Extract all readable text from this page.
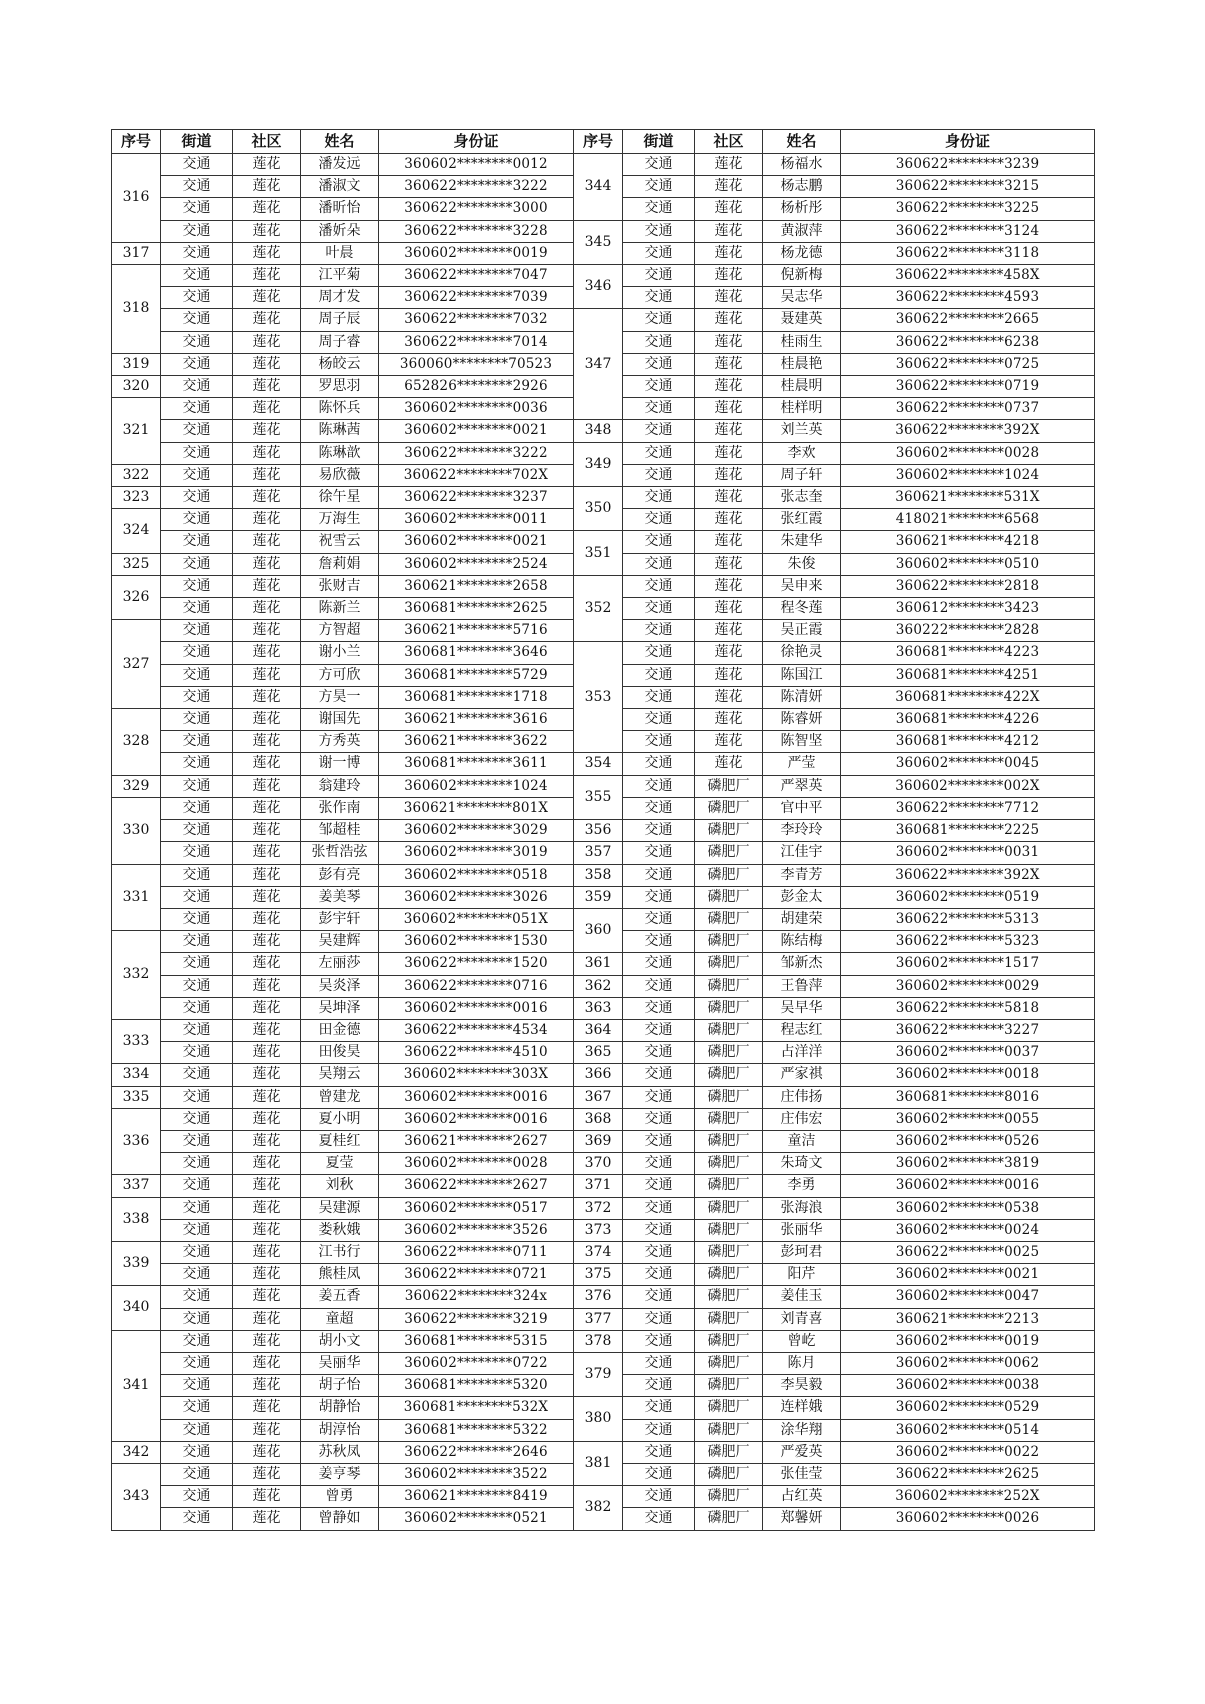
序号	街道	社区	姓名	身份证	序号	街道	社区	姓名	身份证
316	交通	莲花	潘发远	360602********0012	344	交通	莲花	杨福水	360622********3239
	交通	莲花	潘淑文	360622********3222		交通	莲花	杨志鹏	360622********3215
	交通	莲花	潘昕怡	360622********3000		交通	莲花	杨析彤	360622********3225
	交通	莲花	潘妡朵	360622********3228	345	交通	莲花	黄淑萍	360622********3124
317	交通	莲花	叶晨	360602********0019		交通	莲花	杨龙德	360622********3118
318	交通	莲花	江平菊	360622********7047	346	交通	莲花	倪新梅	360622********458X
	交通	莲花	周才发	360622********7039		交通	莲花	吴志华	360622********4593
	交通	莲花	周子辰	360622********7032	347	交通	莲花	聂建英	360622********2665
	交通	莲花	周子睿	360622********7014		交通	莲花	桂雨生	360622********6238
319	交通	莲花	杨皎云	360060********70523		交通	莲花	桂晨艳	360622********0725
320	交通	莲花	罗思羽	652826********2926		交通	莲花	桂晨明	360622********0719
321	交通	莲花	陈怀兵	360602********0036		交通	莲花	桂样明	360622********0737
	交通	莲花	陈琳茜	360602********0021	348	交通	莲花	刘兰英	360622********392X
	交通	莲花	陈琳歆	360622********3222	349	交通	莲花	李欢	360602********0028
322	交通	莲花	易欣薇	360622********702X		交通	莲花	周子轩	360602********1024
323	交通	莲花	徐午星	360622********3237	350	交通	莲花	张志奎	360621********531X
324	交通	莲花	万海生	360602********0011		交通	莲花	张红霞	418021********6568
	交通	莲花	祝雪云	360602********0021	351	交通	莲花	朱建华	360621********4218
325	交通	莲花	詹莉娟	360602********2524		交通	莲花	朱俊	360602********0510
326	交通	莲花	张财吉	360621********2658	352	交通	莲花	吴申来	360622********2818
	交通	莲花	陈新兰	360681********2625		交通	莲花	程冬莲	360612********3423
327	交通	莲花	方智超	360621********5716		交通	莲花	吴正霞	360222********2828
	交通	莲花	谢小兰	360681********3646	353	交通	莲花	徐艳灵	360681********4223
	交通	莲花	方可欣	360681********5729		交通	莲花	陈国江	360681********4251
	交通	莲花	方昊一	360681********1718		交通	莲花	陈清妍	360681********422X
328	交通	莲花	谢国先	360621********3616		交通	莲花	陈睿妍	360681********4226
	交通	莲花	方秀英	360621********3622		交通	莲花	陈智坚	360681********4212
	交通	莲花	谢一博	360681********3611	354	交通	莲花	严莹	360602********0045
329	交通	莲花	翁建玲	360602********1024	355	交通	磷肥厂	严翠英	360602********002X
330	交通	莲花	张作南	360621********801X		交通	磷肥厂	官中平	360622********7712
	交通	莲花	邹超桂	360602********3029	356	交通	磷肥厂	李玲玲	360681********2225
	交通	莲花	张哲浩弦	360602********3019	357	交通	磷肥厂	江佳宇	360602********0031
331	交通	莲花	彭有亮	360602********0518	358	交通	磷肥厂	李青芳	360622********392X
	交通	莲花	姜美琴	360602********3026	359	交通	磷肥厂	彭金太	360602********0519
	交通	莲花	彭宇轩	360602********051X	360	交通	磷肥厂	胡建荣	360622********5313
332	交通	莲花	吴建辉	360602********1530		交通	磷肥厂	陈结梅	360622********5323
	交通	莲花	左丽莎	360622********1520	361	交通	磷肥厂	邹新杰	360602********1517
	交通	莲花	吴炎泽	360622********0716	362	交通	磷肥厂	王鲁萍	360602********0029
	交通	莲花	吴坤泽	360602********0016	363	交通	磷肥厂	吴早华	360622********5818
333	交通	莲花	田金德	360622********4534	364	交通	磷肥厂	程志红	360622********3227
	交通	莲花	田俊昊	360622********4510	365	交通	磷肥厂	占洋洋	360602********0037
334	交通	莲花	吴翔云	360602********303X	366	交通	磷肥厂	严家祺	360602********0018
335	交通	莲花	曾建龙	360602********0016	367	交通	磷肥厂	庄伟扬	360681********8016
336	交通	莲花	夏小明	360602********0016	368	交通	磷肥厂	庄伟宏	360602********0055
	交通	莲花	夏桂红	360621********2627	369	交通	磷肥厂	童洁	360602********0526
	交通	莲花	夏莹	360602********0028	370	交通	磷肥厂	朱琦文	360602********3819
337	交通	莲花	刘秋	360622********2627	371	交通	磷肥厂	李勇	360602********0016
338	交通	莲花	吴建源	360602********0517	372	交通	磷肥厂	张海浪	360602********0538
	交通	莲花	娄秋娥	360602********3526	373	交通	磷肥厂	张丽华	360602********0024
339	交通	莲花	江书行	360622********0711	374	交通	磷肥厂	彭珂君	360622********0025
	交通	莲花	熊桂凤	360622********0721	375	交通	磷肥厂	阳芹	360602********0021
340	交通	莲花	姜五香	360622********324x	376	交通	磷肥厂	姜佳玉	360602********0047
	交通	莲花	童超	360622********3219	377	交通	磷肥厂	刘青喜	360621********2213
341	交通	莲花	胡小文	360681********5315	378	交通	磷肥厂	曾屹	360602********0019
	交通	莲花	吴丽华	360602********0722	379	交通	磷肥厂	陈月	360602********0062
	交通	莲花	胡子怡	360681********5320		交通	磷肥厂	李昊毅	360602********0038
	交通	莲花	胡静怡	360681********532X	380	交通	磷肥厂	连样娥	360602********0529
	交通	莲花	胡淳怡	360681********5322		交通	磷肥厂	涂华翔	360602********0514
342	交通	莲花	苏秋凤	360622********2646	381	交通	磷肥厂	严爱英	360602********0022
343	交通	莲花	姜亨琴	360602********3522		交通	磷肥厂	张佳莹	360622********2625
	交通	莲花	曾勇	360621********8419	382	交通	磷肥厂	占红英	360602********252X
	交通	莲花	曾静如	360602********0521		交通	磷肥厂	郑馨妍	360602********0026
